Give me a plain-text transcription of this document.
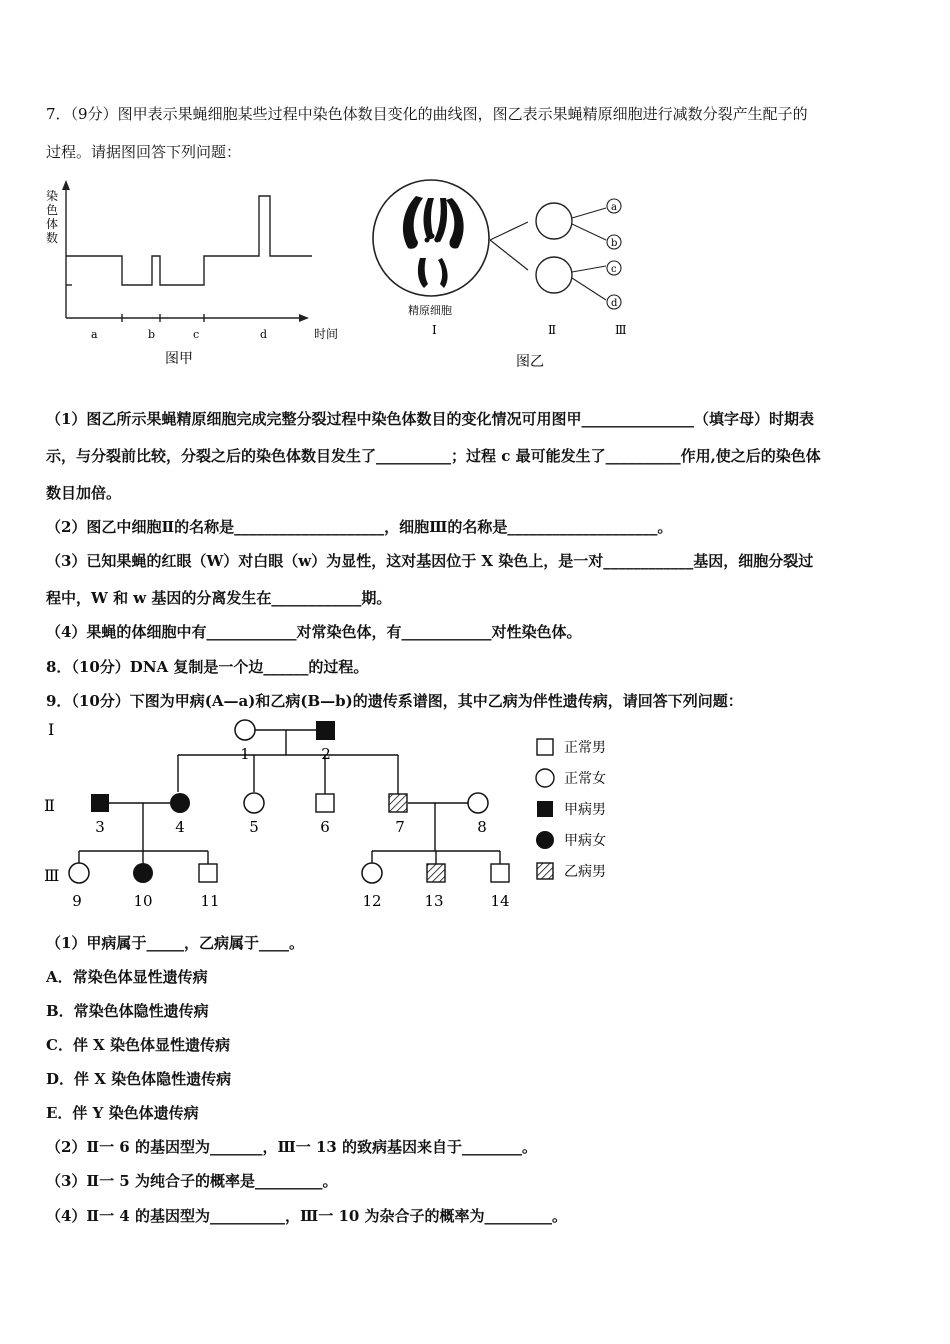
7．（9分）图甲表示果蝇细胞某些过程中染色体数目变化的曲线图，图乙表示果蝇精原细胞进行减数分裂产生配子的
过程。请据图回答下列问题：
染
色
体
数
a	b	c	d	时间
图甲
a
b
c
d
精原细胞
Ⅰ	Ⅱ	Ⅲ
图乙
（1）图乙所示果蝇精原细胞完成完整分裂过程中染色体数目的变化情况可用图甲_______________（填字母）时期表
示，与分裂前比较，分裂之后的染色体数目发生了__________；过程 c 最可能发生了__________作用,使之后的染色体
数目加倍。
（2）图乙中细胞Ⅱ的名称是____________________，细胞Ⅲ的名称是____________________。
（3）已知果蝇的红眼（W）对白眼（w）为显性，这对基因位于 X 染色上，是一对____________基因，细胞分裂过
程中，W 和 w 基因的分离发生在____________期。
（4）果蝇的体细胞中有____________对常染色体，有____________对性染色体。
8．（10分）DNA 复制是一个边______的过程。
9．（10分）下图为甲病(A—a)和乙病(B—b)的遗传系谱图，其中乙病为伴性遗传病，请回答下列问题：
Ⅰ
Ⅱ
Ⅲ
1	2
3	4	5	6	7	8
9	10	11	12	13	14
正常男
正常女
甲病男
甲病女
乙病男
（1）甲病属于_____，乙病属于____。
A．常染色体显性遗传病
B．常染色体隐性遗传病
C．伴 X 染色体显性遗传病
D．伴 X 染色体隐性遗传病
E．伴 Y 染色体遗传病
（2）Ⅱ一 6 的基因型为_______，Ⅲ一 13 的致病基因来自于________。
（3）Ⅱ一 5 为纯合子的概率是_________。
（4）Ⅱ一 4 的基因型为__________，Ⅲ一 10 为杂合子的概率为_________。
